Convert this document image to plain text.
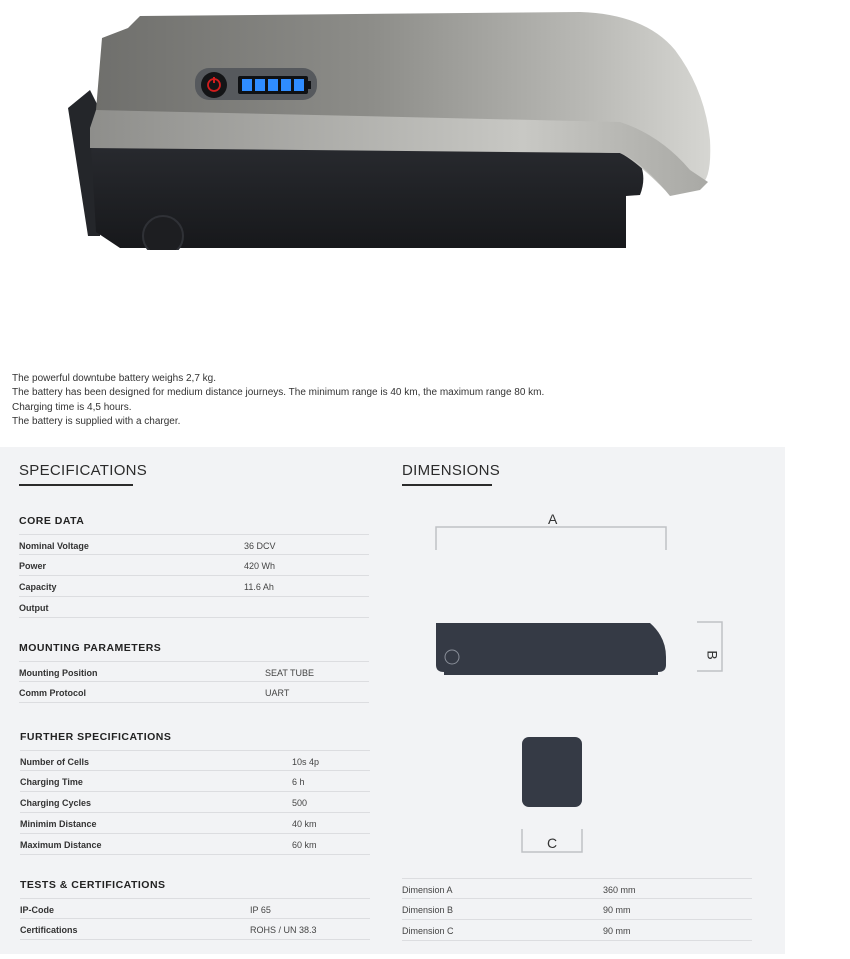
The powerful downtube battery weighs 2,7 kg.

The battery has been designed for medium distance journeys. The minimum range is 40 km, the maximum range 80 km.

Charging time is 4,5 hours.

The battery is supplied with a charger.

SPECIFICATIONS
CORE DATA
Nominal Voltage	36 DCV
Power	420 Wh
Capacity	11.6 Ah
Output
MOUNTING PARAMETERS
Mounting Position	SEAT TUBE
Comm Protocol	UART
FURTHER SPECIFICATIONS
Number of Cells	10s 4p
Charging Time	6 h
Charging Cycles	500
Minimim Distance	40 km
Maximum Distance	60 km
TESTS & CERTIFICATIONS
IP-Code	IP 65
Certifications	ROHS / UN 38.3
DIMENSIONS
A
B
C
Dimension A	360 mm
Dimension B	90 mm
Dimension C	90 mm
